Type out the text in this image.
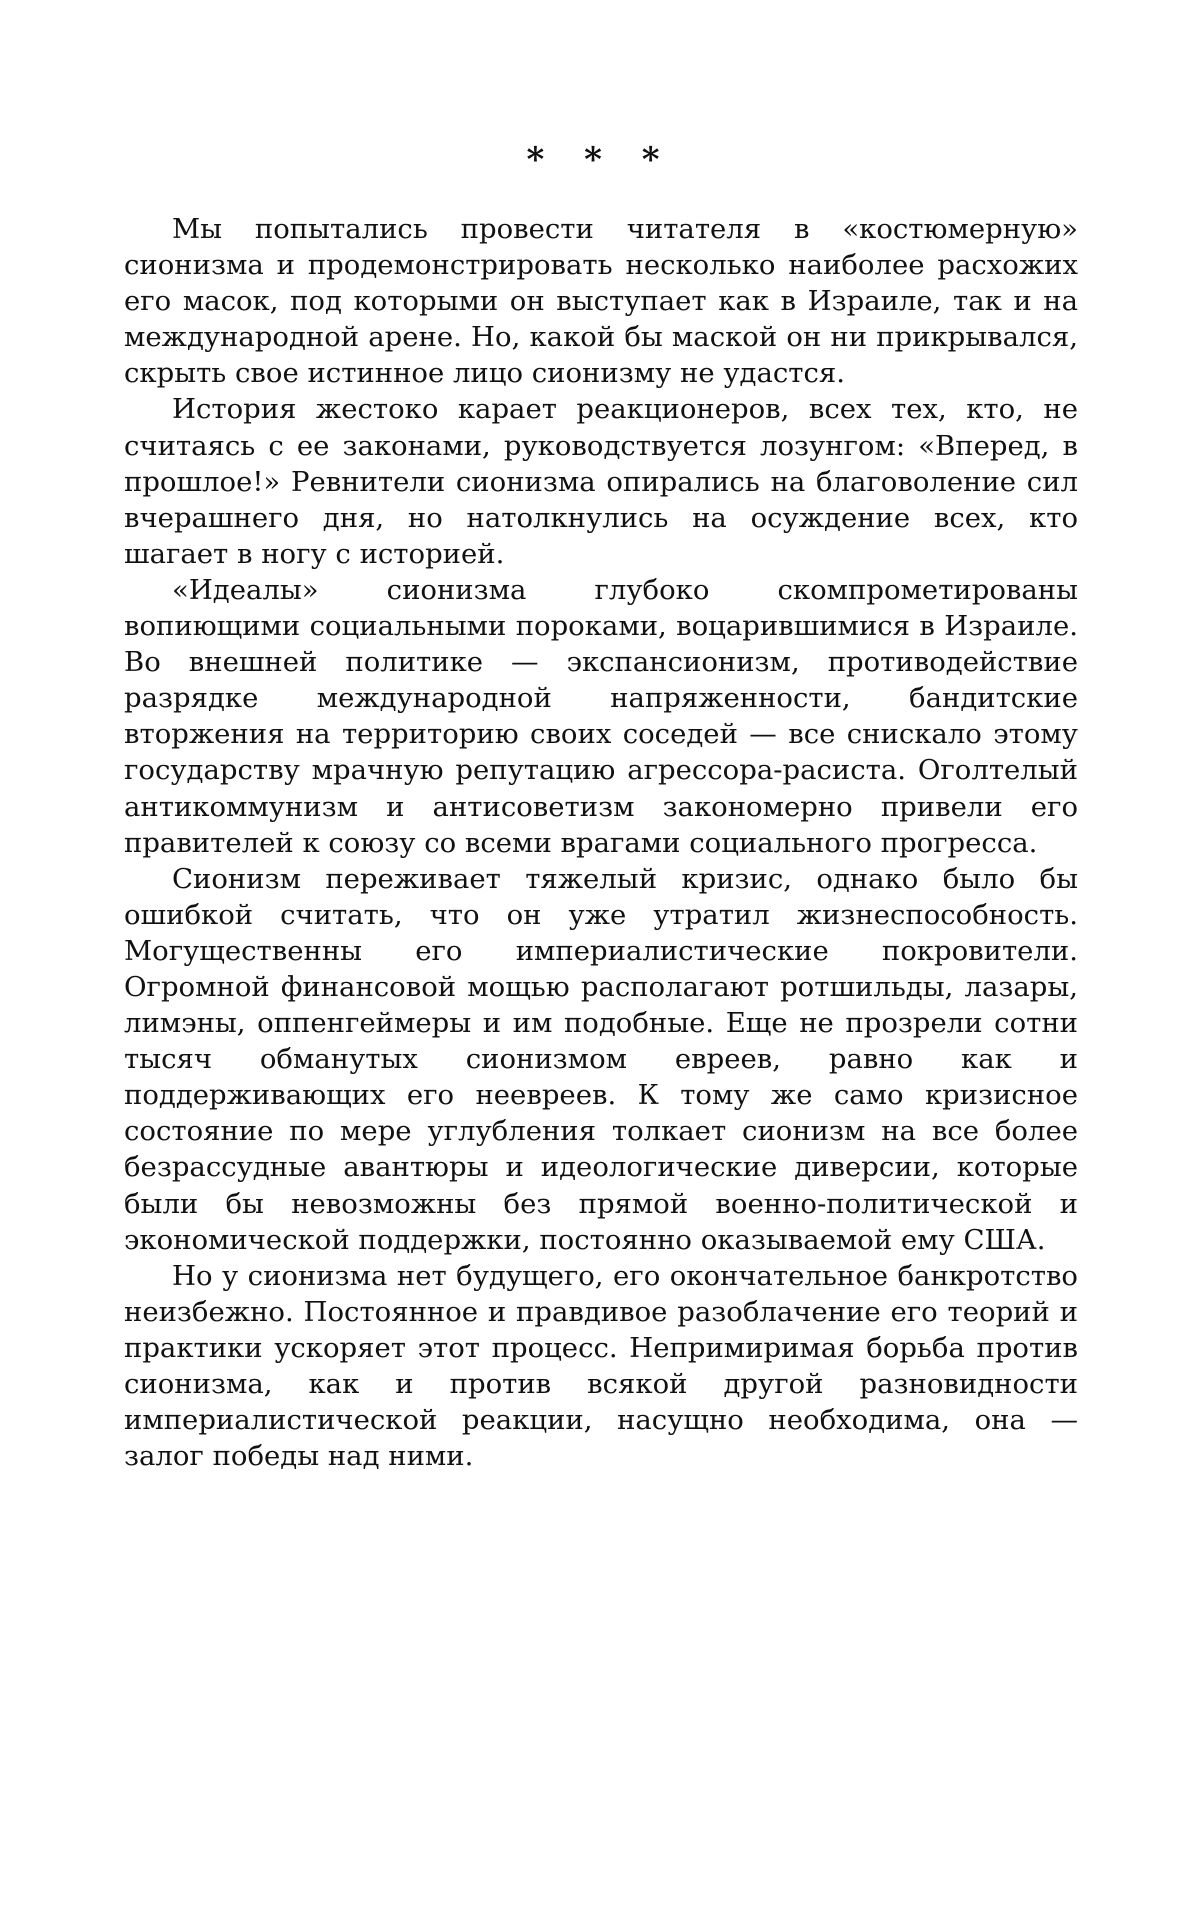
* * *

Мы попытались провести читателя в «костюмерную» сионизма и продемонстрировать несколько наиболее расхожих его масок, под которыми он выступает как в Израиле, так и на международной арене. Но, какой бы маской он ни прикрывался, скрыть свое истинное лицо сионизму не удастся.

История жестоко карает реакционеров, всех тех, кто, не считаясь с ее законами, руководствуется лозунгом: «Вперед, в прошлое!» Ревнители сионизма опирались на благоволение сил вчерашнего дня, но натолкнулись на осуждение всех, кто шагает в ногу с историей.

«Идеалы» сионизма глубоко скомпрометированы вопиющими социальными пороками, воцарившимися в Израиле. Во внешней политике — экспансионизм, противодействие разрядке международной напряженности, бандитские вторжения на территорию своих соседей — все снискало этому государству мрачную репутацию агрессора-расиста. Оголтелый антикоммунизм и антисоветизм закономерно привели его правителей к союзу со всеми врагами социального прогресса.

Сионизм переживает тяжелый кризис, однако было бы ошибкой считать, что он уже утратил жизнеспособность. Могущественны его империалистические покровители. Огромной финансовой мощью располагают ротшильды, лазары, лимэны, оппенгеймеры и им подобные. Еще не прозрели сотни тысяч обманутых сионизмом евреев, равно как и поддерживающих его неевреев. К тому же само кризисное состояние по мере углубления толкает сионизм на все более безрассудные авантюры и идеологические диверсии, которые были бы невозможны без прямой военно-политической и экономической поддержки, постоянно оказываемой ему США.

Но у сионизма нет будущего, его окончательное банкротство неизбежно. Постоянное и правдивое разоблачение его теорий и практики ускоряет этот процесс. Непримиримая борьба против сионизма, как и против всякой другой разновидности империалистической реакции, насущно необходима, она — залог победы над ними.
